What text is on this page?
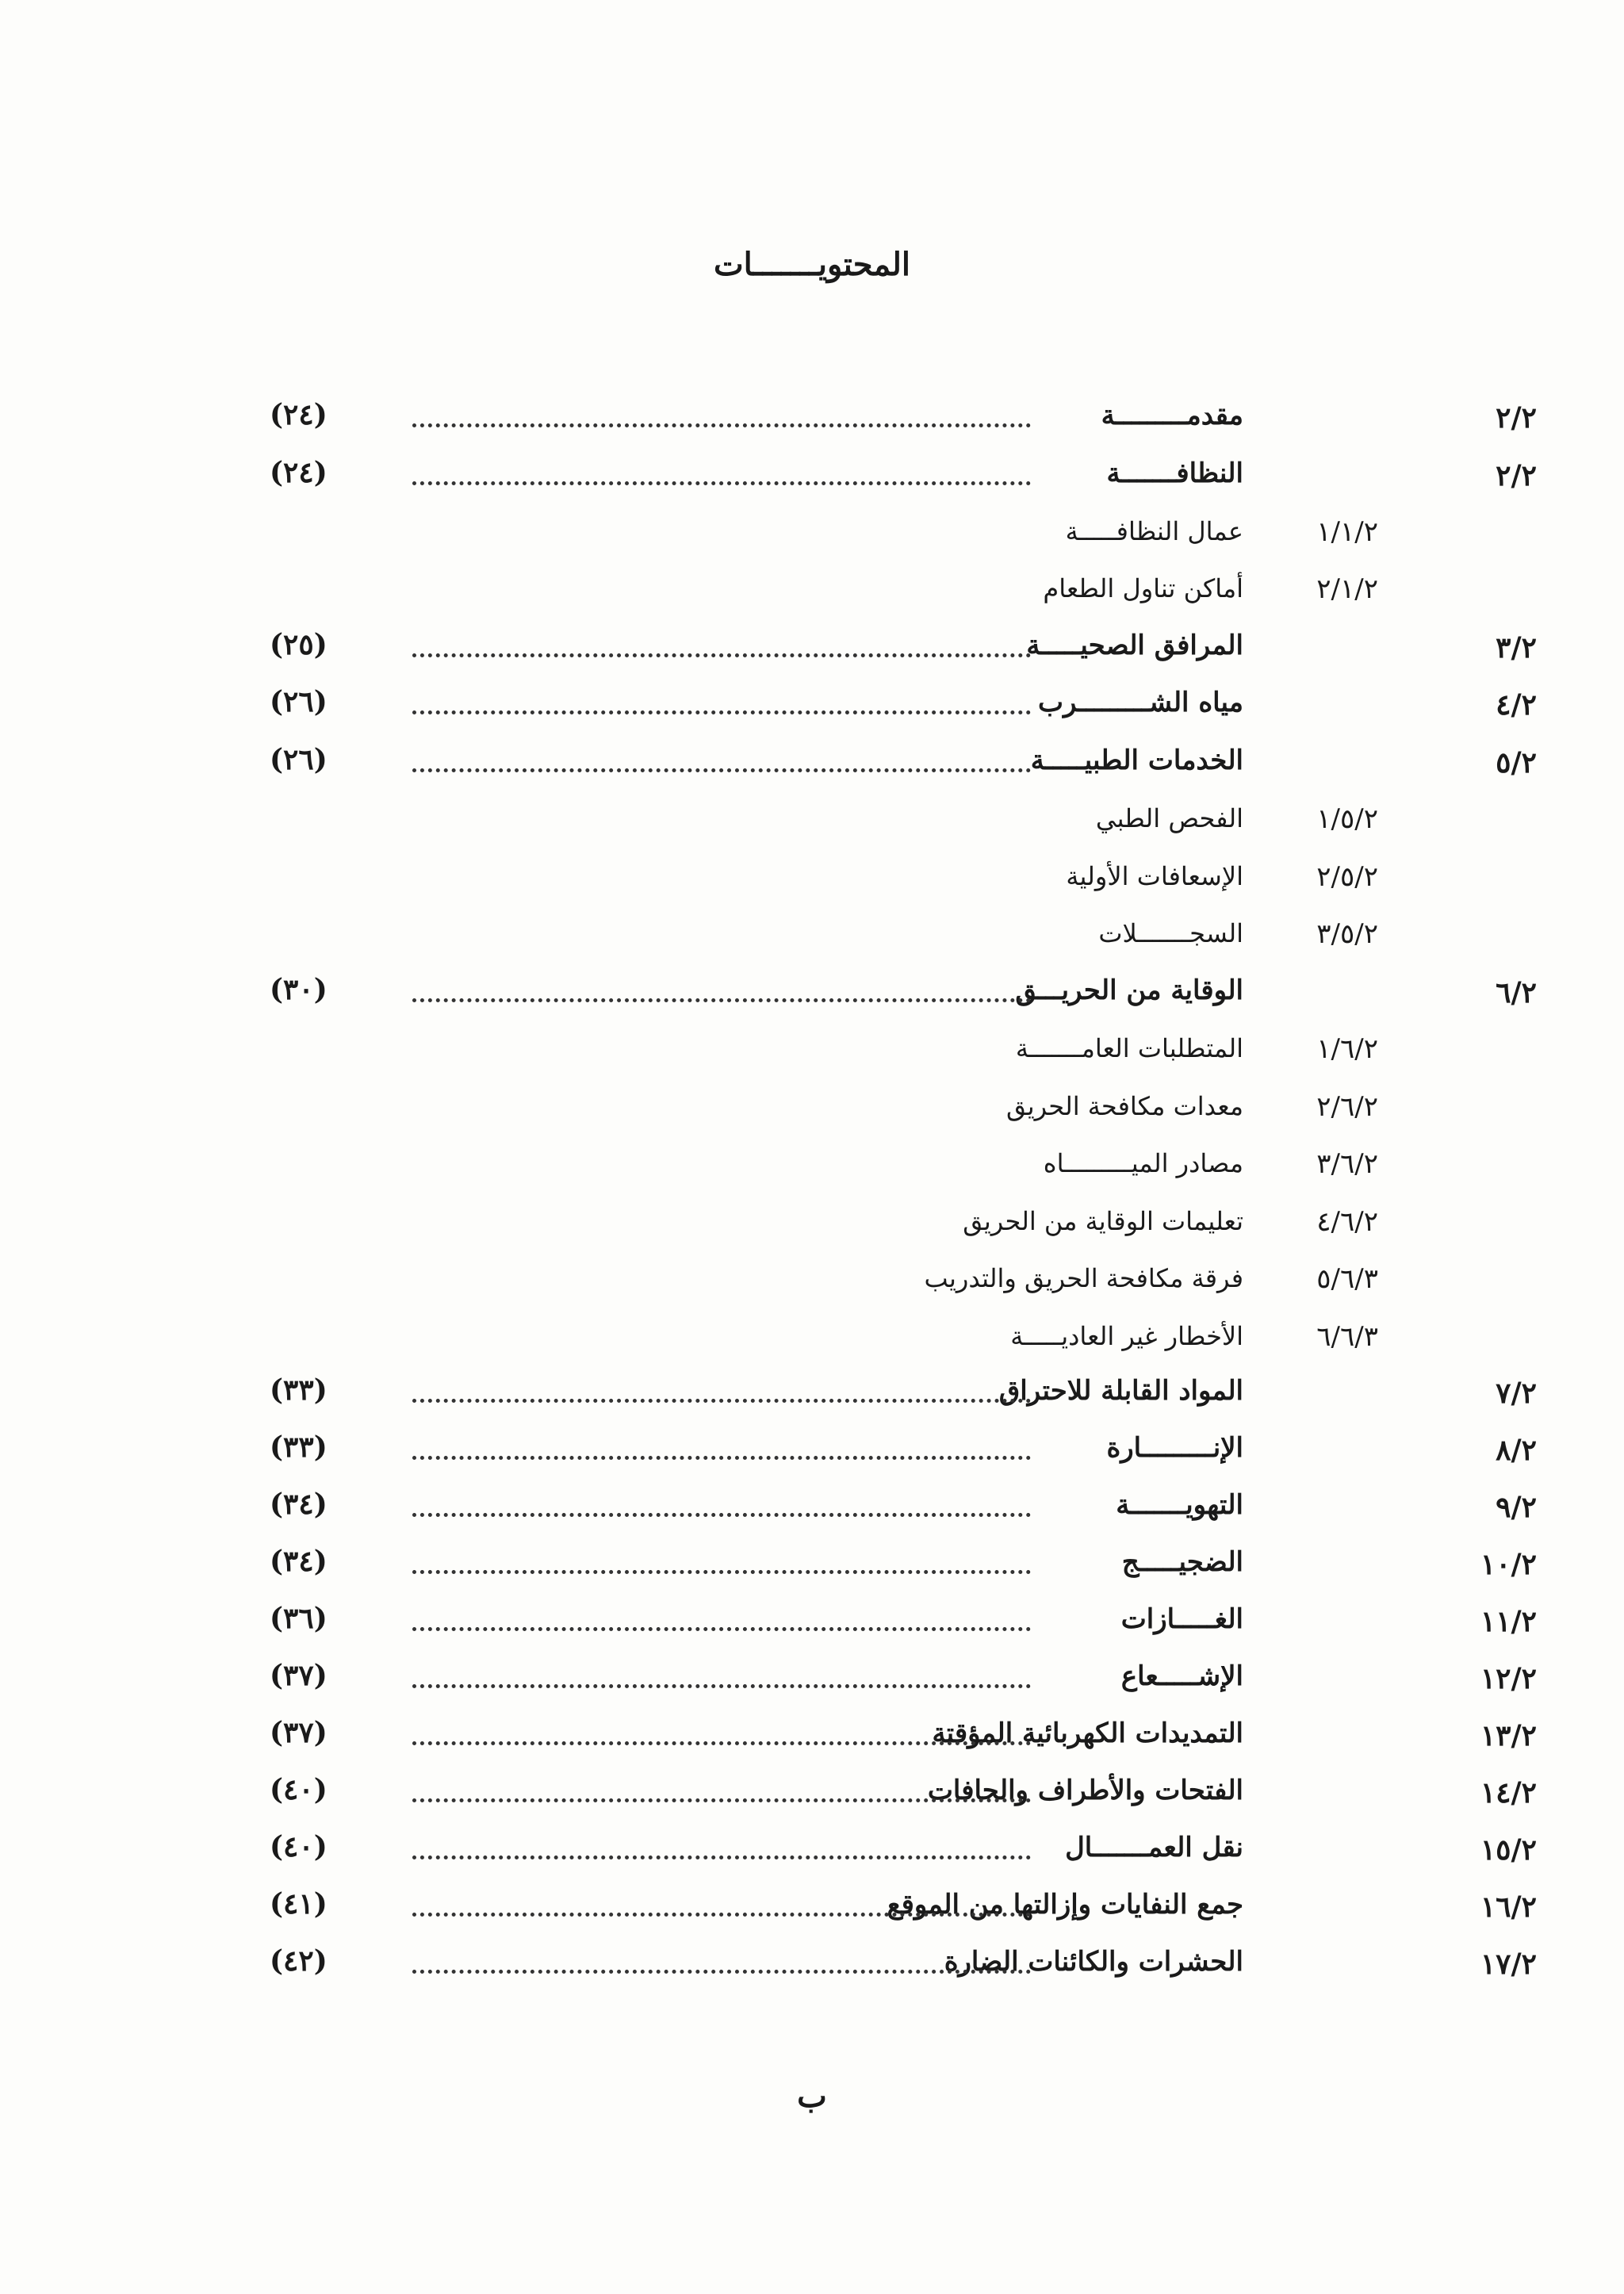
المحتويـــــــات
٢/٢
مقدمـــــــــة
(٢٤)
٢/٢
النظافـــــــة
(٢٤)
١/١/٢
عمال النظافـــــة
٢/١/٢
أماكن تناول الطعام
٣/٢
المرافق الصحيـــــة
(٢٥)
٤/٢
مياه الشـــــــــرب
(٢٦)
٥/٢
الخدمات الطبيـــــة
(٢٦)
١/٥/٢
الفحص الطبي
٢/٥/٢
الإسعافات الأولية
٣/٥/٢
السجـــــــلات
٦/٢
الوقاية من الحريـــق
(٣٠)
١/٦/٢
المتطلبات العامـــــــة
٢/٦/٢
معدات مكافحة الحريق
٣/٦/٢
مصادر الميـــــــــاه
٤/٦/٢
تعليمات الوقاية من الحريق
٥/٦/٣
فرقة مكافحة الحريق والتدريب
٦/٦/٣
الأخطار غير العاديـــــة
٧/٢
المواد القابلة للاحتراق
(٣٣)
٨/٢
الإنـــــــــارة
(٣٣)
٩/٢
التهويـــــــة
(٣٤)
١٠/٢
الضجيـــــج
(٣٤)
١١/٢
الغـــــازات
(٣٦)
١٢/٢
الإشـــــعاع
(٣٧)
١٣/٢
التمديدات الكهربائية المؤقتة
(٣٧)
١٤/٢
الفتحات والأطراف والحافات
(٤٠)
١٥/٢
نقل العمـــــــال
(٤٠)
١٦/٢
جمع النفايات وإزالتها من الموقع
(٤١)
١٧/٢
الحشرات والكائنات الضارة
(٤٢)
ب
